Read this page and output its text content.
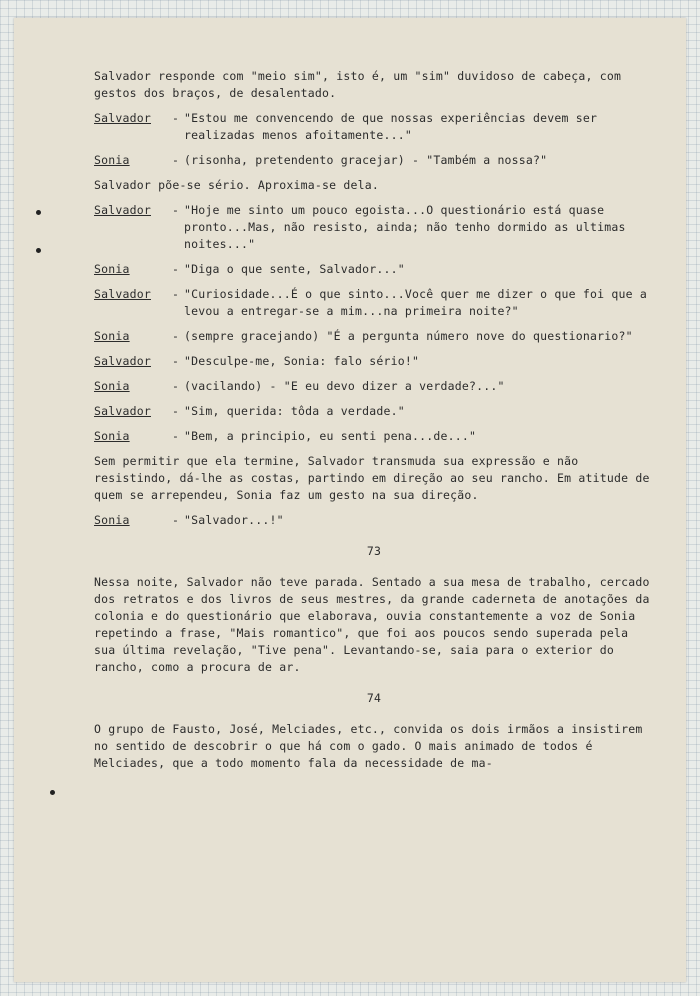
Salvador responde com "meio sim", isto é, um "sim" duvidoso de cabeça, com gestos dos braços, de desalentado.

Salvador	- "Estou me convencendo de que nossas experiências devem ser realizadas menos afoitamente..."
Sonia	- (risonha, pretendento gracejar) - "Também a nossa?"

Salvador põe-se sério. Aproxima-se dela.

Salvador	- "Hoje me sinto um pouco egoista...O questionário está quase pronto...Mas, não resisto, ainda; não tenho dormido as ultimas noites..."
Sonia	- "Diga o que sente, Salvador..."
Salvador	- "Curiosidade...É o que sinto...Você quer me dizer o que foi que a levou a entregar-se a mim...na primeira noite?"
Sonia	- (sempre gracejando) "É a pergunta número nove do questionario?"
Salvador	- "Desculpe-me, Sonia: falo sério!"
Sonia	- (vacilando) - "E eu devo dizer a verdade?..."
Salvador	- "Sim, querida: tôda a verdade."
Sonia	- "Bem, a principio, eu senti pena...de..."

Sem permitir que ela termine, Salvador transmuda sua expressão e não resistindo, dá-lhe as costas, partindo em direção ao seu rancho. Em atitude de quem se arrependeu, Sonia faz um gesto na sua direção.

Sonia	- "Salvador...!"
73

Nessa noite, Salvador não teve parada. Sentado a sua mesa de trabalho, cercado dos retratos e dos livros de seus mestres, da grande caderneta de anotações da colonia e do questionário que elaborava, ouvia constantemente a voz de Sonia repetindo a frase, "Mais romantico", que foi aos poucos sendo superada pela sua última revelação, "Tive pena". Levantando-se, saia para o exterior do rancho, como a procura de ar.

74

O grupo de Fausto, José, Melciades, etc., convida os dois irmãos a insistirem no sentido de descobrir o que há com o gado. O mais animado de todos é Melciades, que a todo momento fala da necessidade de ma-
